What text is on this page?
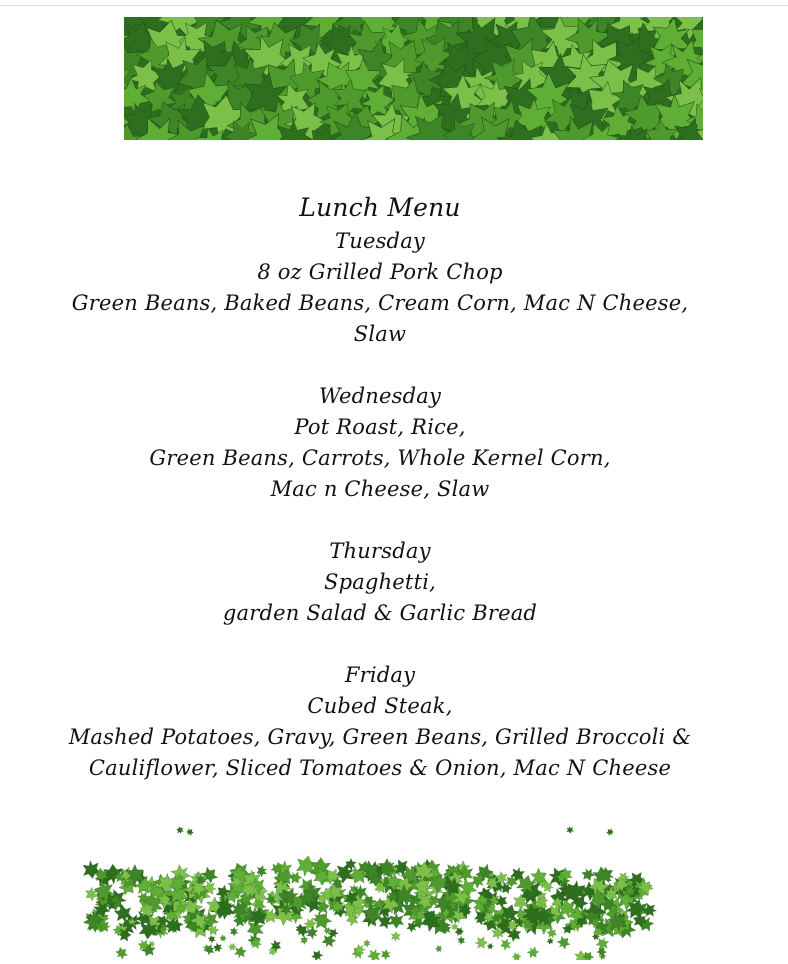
Lunch Menu

Tuesday

8 oz Grilled Pork Chop

Green Beans, Baked Beans, Cream Corn, Mac N Cheese,

Slaw

Wednesday

Pot Roast, Rice,

Green Beans, Carrots, Whole Kernel Corn,

Mac n Cheese, Slaw

Thursday

Spaghetti,

garden Salad & Garlic Bread

Friday

Cubed Steak,

Mashed Potatoes, Gravy, Green Beans, Grilled Broccoli &

Cauliflower, Sliced Tomatoes & Onion, Mac N Cheese
